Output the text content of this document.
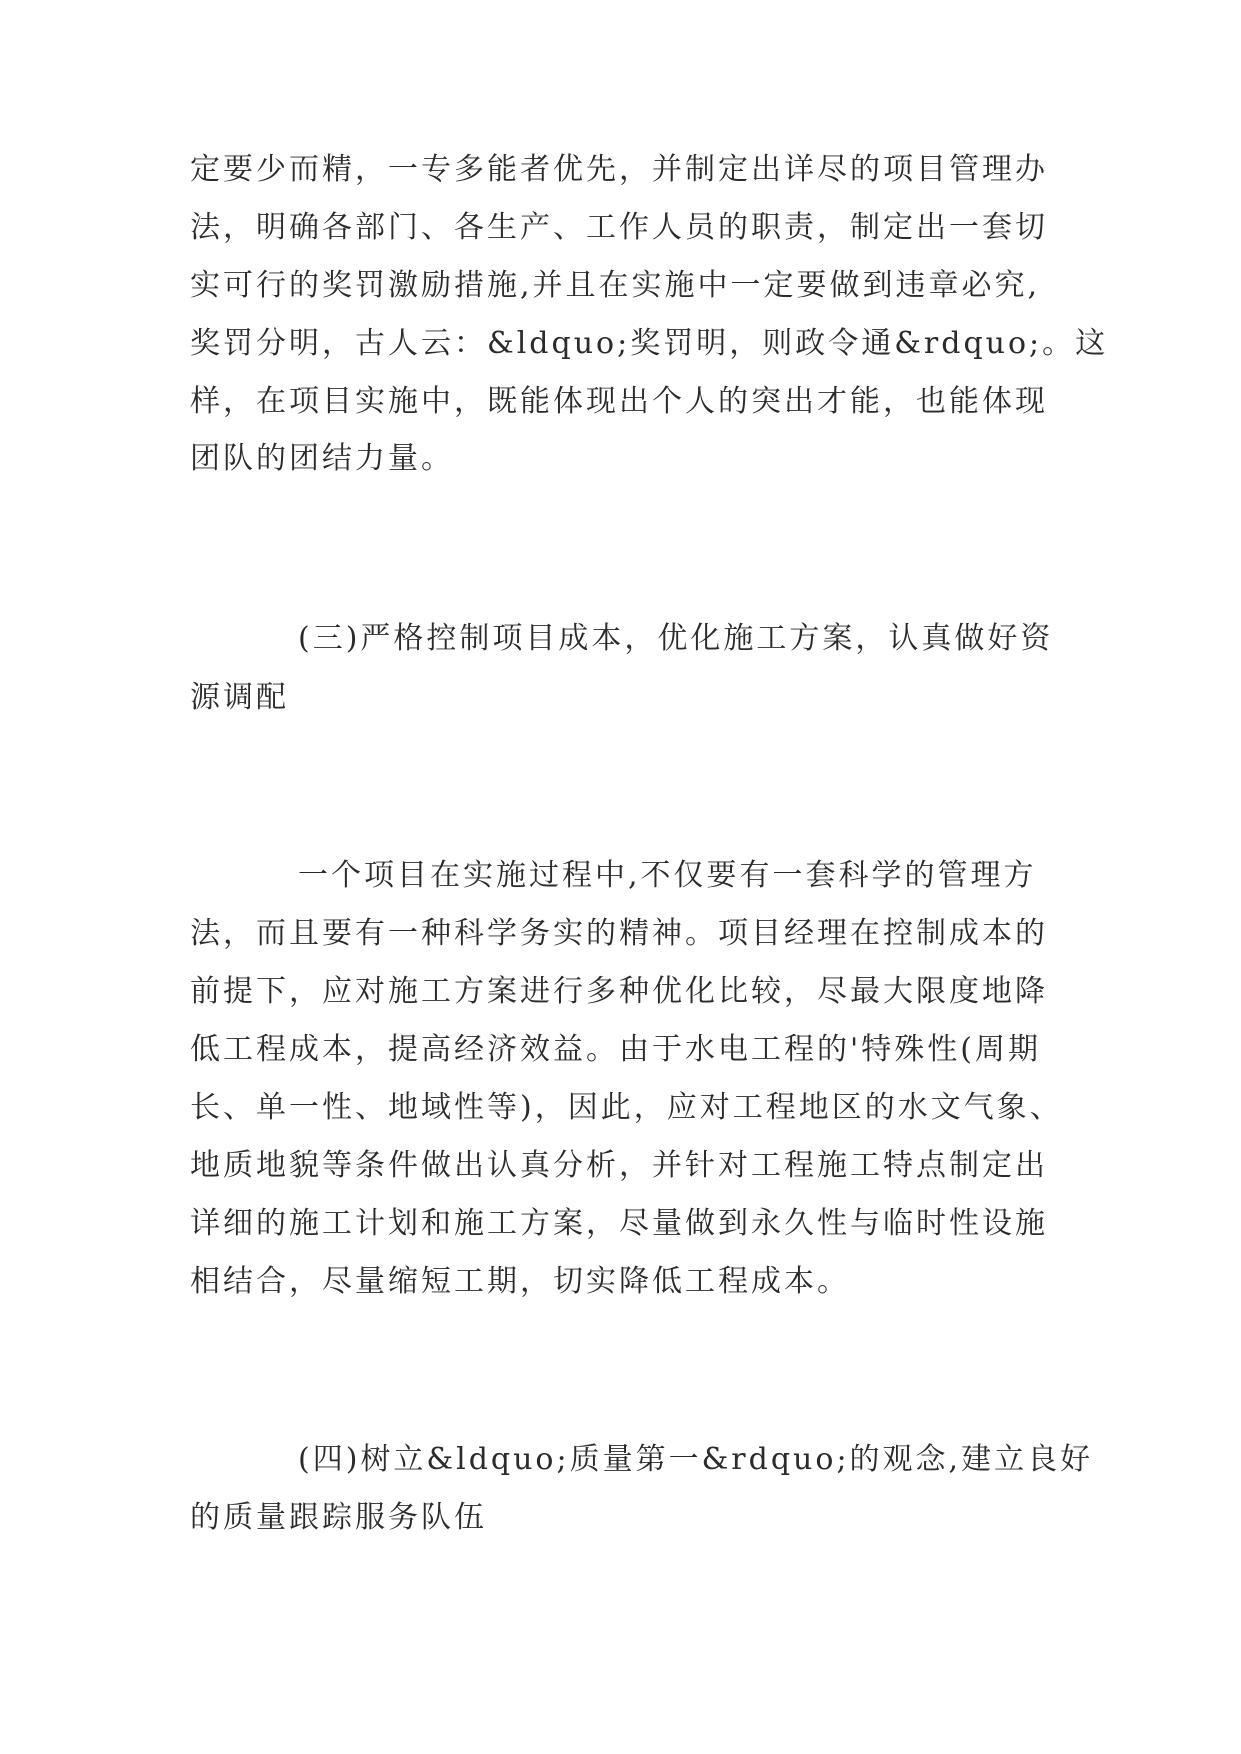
定要少而精，一专多能者优先，并制定出详尽的项目管理办

法，明确各部门、各生产、工作人员的职责，制定出一套切

实可行的奖罚激励措施,并且在实施中一定要做到违章必究,

奖罚分明，古人云：&ldquo;奖罚明，则政令通&rdquo;。这

样，在项目实施中，既能体现出个人的突出才能，也能体现

团队的团结力量。

(三)严格控制项目成本，优化施工方案，认真做好资

源调配

一个项目在实施过程中,不仅要有一套科学的管理方

法，而且要有一种科学务实的精神。项目经理在控制成本的

前提下，应对施工方案进行多种优化比较，尽最大限度地降

低工程成本，提高经济效益。由于水电工程的'特殊性(周期

长、单一性、地域性等)，因此，应对工程地区的水文气象、

地质地貌等条件做出认真分析，并针对工程施工特点制定出

详细的施工计划和施工方案，尽量做到永久性与临时性设施

相结合，尽量缩短工期，切实降低工程成本。

(四)树立&ldquo;质量第一&rdquo;的观念,建立良好

的质量跟踪服务队伍
